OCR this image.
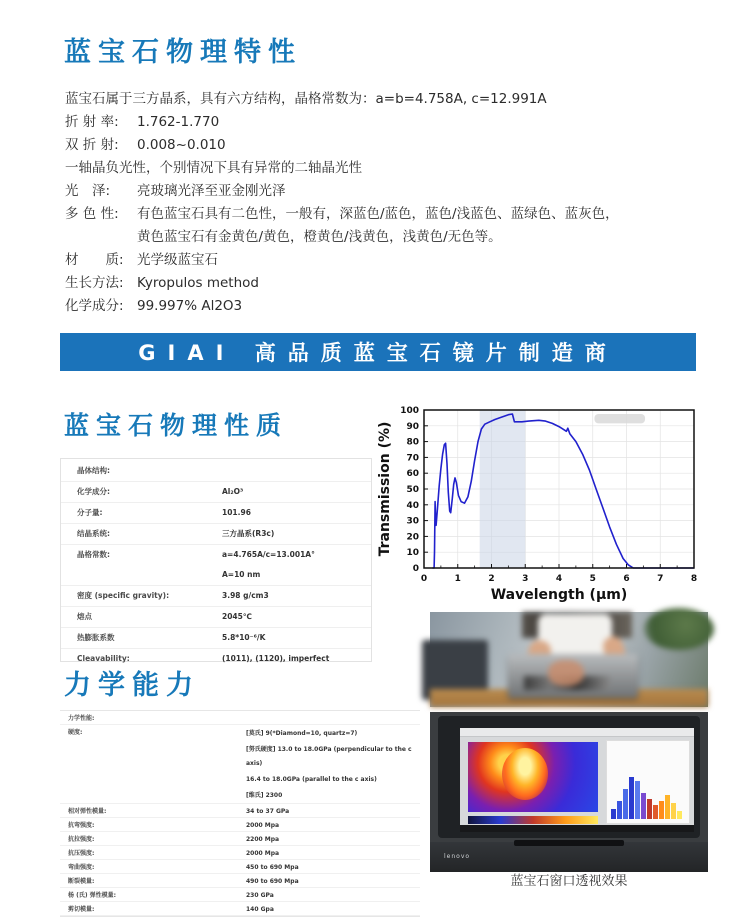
蓝宝石物理特性
蓝宝石属于三方晶系，具有六方结构，晶格常数为：a=b=4.758A, c=12.991A
折 射 率:	1.762-1.770
双 折 射:	0.008~0.010
一轴晶负光性，个别情况下具有异常的二轴晶光性
光　泽:	亮玻璃光泽至亚金刚光泽
多 色 性:	有色蓝宝石具有二色性，一般有，深蓝色/蓝色，蓝色/浅蓝色、蓝绿色、蓝灰色，
黄色蓝宝石有金黄色/黄色，橙黄色/浅黄色，浅黄色/无色等。
材　　质: 光学级蓝宝石
生长方法: Kyropulos method
化学成分: 99.997% Al2O3
GIAI 高品质蓝宝石镜片制造商
蓝宝石物理性质
晶体结构:

化学成分:	Al₂O³
分子量:	101.96
结晶系统:	三方晶系(R3c)
晶格常数:	a=4.765A/c=13.001A°
A=10 nm
密度 (specific gravity):	3.98 g/cm3
熔点	2045℃
热膨胀系数	5.8*10⁻⁶/K
Cleavability:	(1011), (1120), imperfect
0	1	2	3	4	5	6	7	8
0
10
20
30
40
50
60
70
80
90
100
Wavelength (μm)
Transmission (%)
力学能力
力学性能:
硬度:	[莫氏] 9(*Diamond=10, quartz=7)
[努氏硬度] 13.0 to 18.0GPa (perpendicular to the c axis)
16.4 to 18.0GPa (parallel to the c axis)
[维氏] 2300
相对弹性模量:	34 to 37 GPa
抗弯强度:	2000 Mpa
抗拉强度:	2200 Mpa
抗压强度:	2000 Mpa
弯曲强度:	450 to 690 Mpa
断裂模量:	490 to 690 Mpa
杨 (氏) 弹性模量:	230 GPa
剪切模量:	140 Gpa
lenovo
蓝宝石窗口透视效果
